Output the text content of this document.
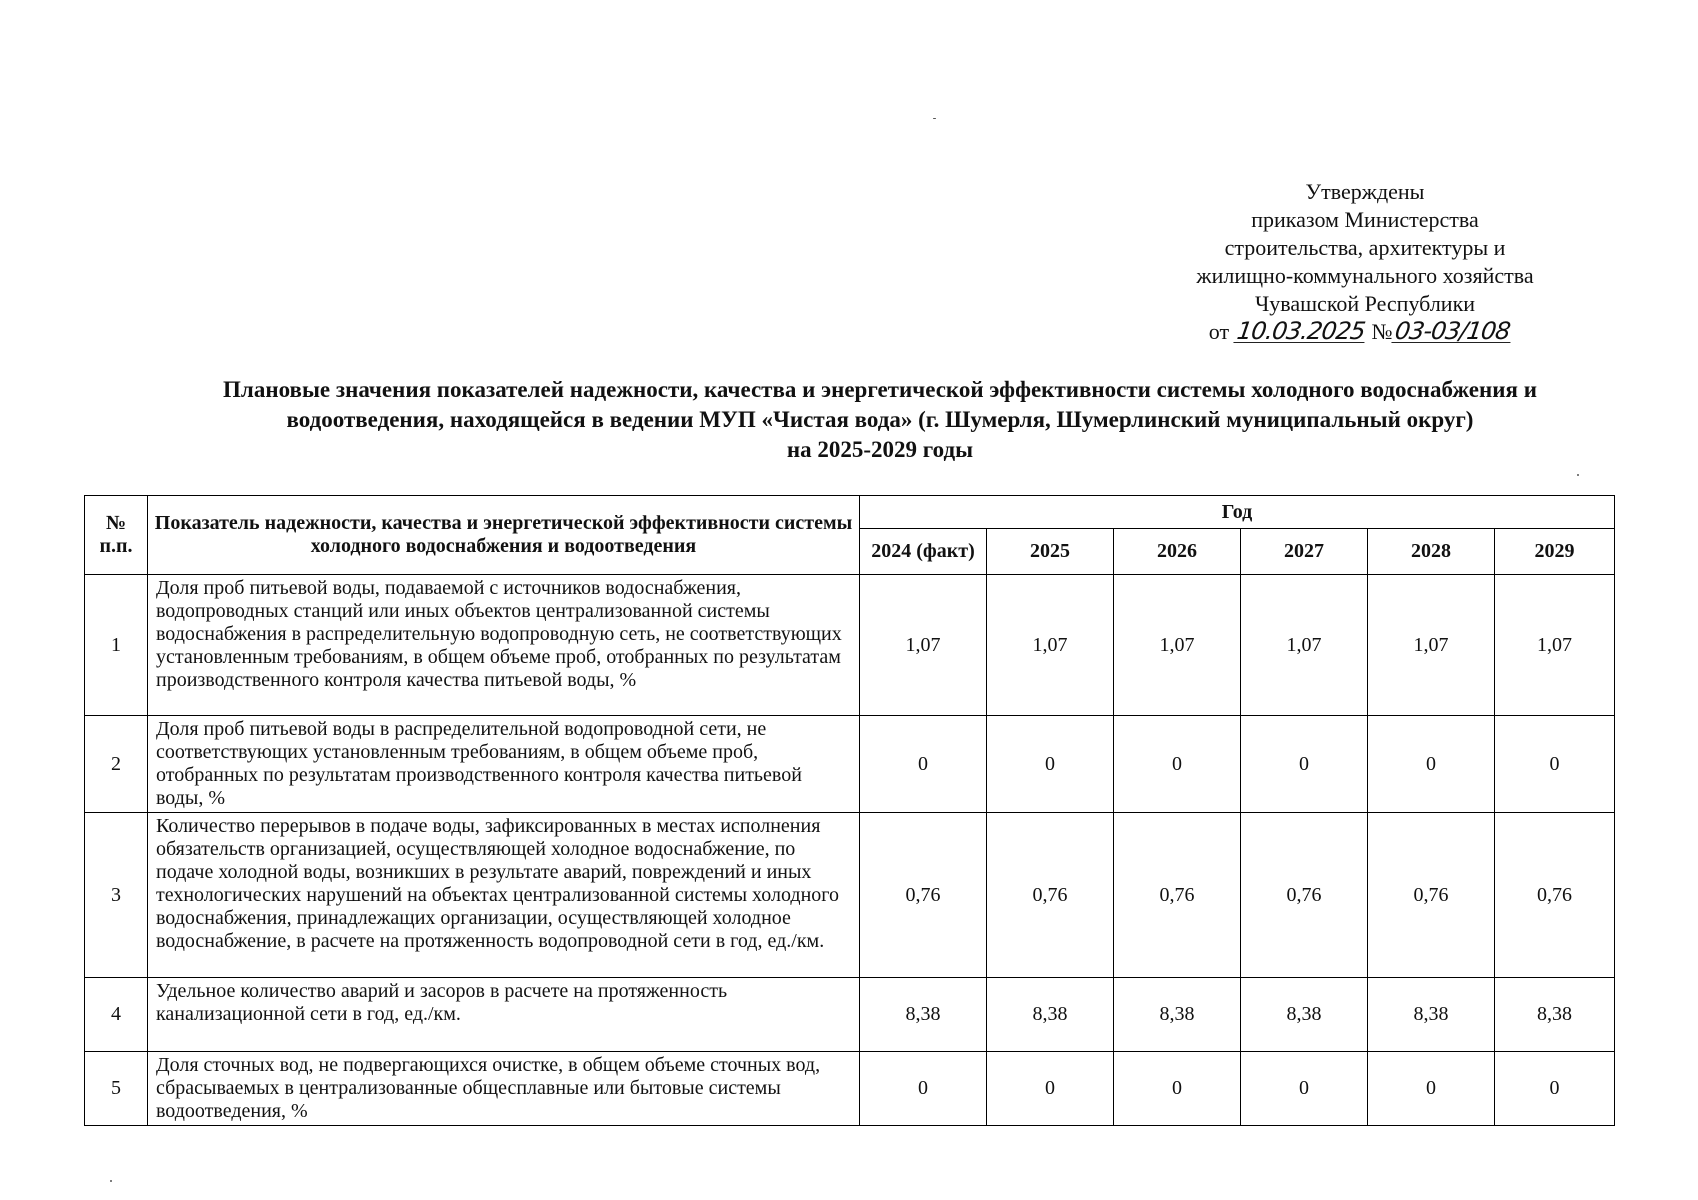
Утверждены
приказом Министерства
строительства, архитектуры и
жилищно-коммунального хозяйства
Чувашской Республики
от 10.03.2025 №03-03/108
Плановые значения показателей надежности, качества и энергетической эффективности системы холодного водоснабжения и
водоотведения, находящейся в ведении МУП «Чистая вода» (г. Шумерля, Шумерлинский муниципальный округ)
на 2025-2029 годы
№ п.п.	Показатель надежности, качества и энергетической эффективности системы холодного водоснабжения и водоотведения	Год					
		2024 (факт)	2025	2026	2027	2028	2029
1	Доля проб питьевой воды, подаваемой с источников водоснабжения, водопроводных станций или иных объектов централизованной системы водоснабжения в распределительную водопроводную сеть, не соответствующих установленным требованиям, в общем объеме проб, отобранных по результатам производственного контроля качества питьевой воды, %	1,07	1,07	1,07	1,07	1,07	1,07
2	Доля проб питьевой воды в распределительной водопроводной сети, не соответствующих установленным требованиям, в общем объеме проб, отобранных по результатам производственного контроля качества питьевой воды, %	0	0	0	0	0	0
3	Количество перерывов в подаче воды, зафиксированных в местах исполнения обязательств организацией, осуществляющей холодное водоснабжение, по подаче холодной воды, возникших в результате аварий, повреждений и иных технологических нарушений на объектах централизованной системы холодного водоснабжения, принадлежащих организации, осуществляющей холодное водоснабжение, в расчете на протяженность водопроводной сети в год, ед./км.	0,76	0,76	0,76	0,76	0,76	0,76
4	Удельное количество аварий и засоров в расчете на протяженность канализационной сети в год, ед./км.	8,38	8,38	8,38	8,38	8,38	8,38
5	Доля сточных вод, не подвергающихся очистке, в общем объеме сточных вод, сбрасываемых в централизованные общесплавные или бытовые системы водоотведения, %	0	0	0	0	0	0
